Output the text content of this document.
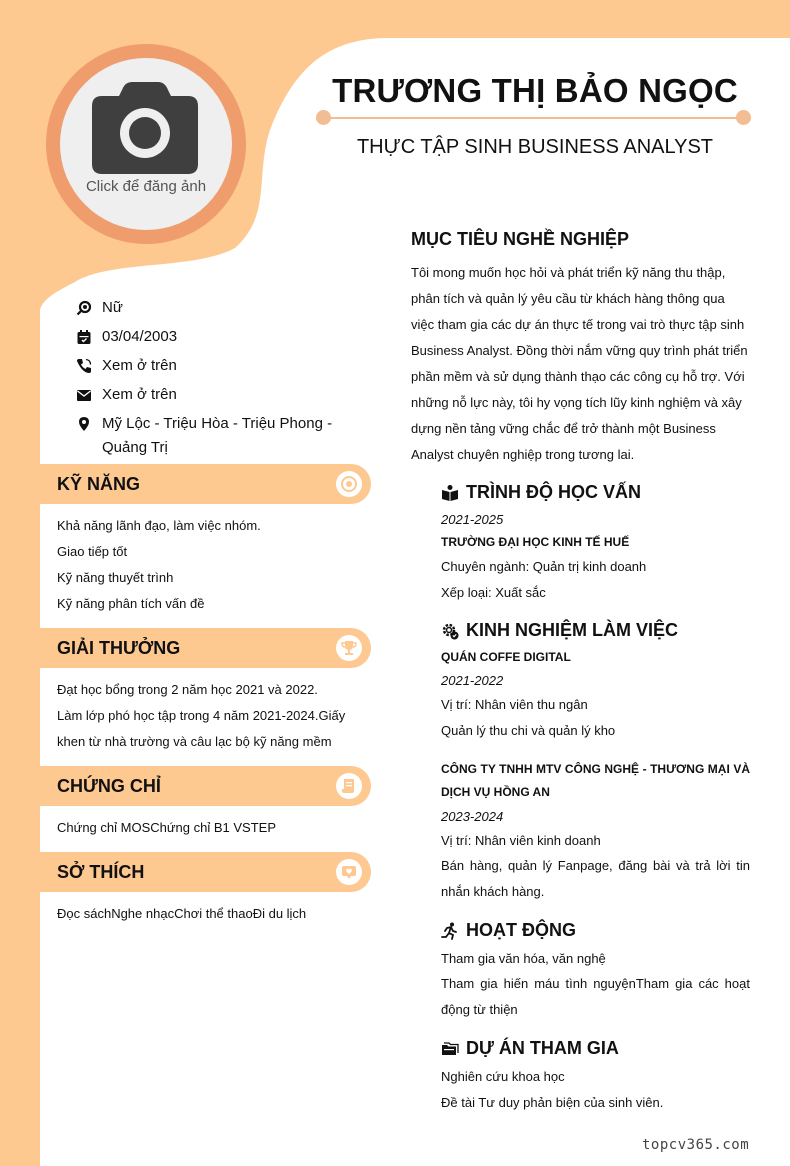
Click để đăng ảnh
TRƯƠNG THỊ BẢO NGỌC
THỰC TẬP SINH BUSINESS ANALYST
Nữ
03/04/2003
Xem ở trên
Xem ở trên
Mỹ Lộc - Triệu Hòa - Triệu Phong - Quảng Trị
KỸ NĂNG
Khả năng lãnh đạo, làm việc nhóm.
Giao tiếp tốt
Kỹ năng thuyết trình
Kỹ năng phân tích vấn đề
GIẢI THƯỞNG
Đạt học bổng trong 2 năm học 2021 và 2022.
Làm lớp phó học tập trong 4 năm 2021-2024.Giấy khen từ nhà trường và câu lạc bộ kỹ năng mềm
CHỨNG CHỈ
Chứng chỉ MOSChứng chỉ B1 VSTEP
SỞ THÍCH
Đọc sáchNghe nhạcChơi thể thaoĐi du lịch
MỤC TIÊU NGHỀ NGHIỆP
Tôi mong muốn học hỏi và phát triển kỹ năng thu thập, phân tích và quản lý yêu cầu từ khách hàng thông qua việc tham gia các dự án thực tế trong vai trò thực tập sinh Business Analyst. Đồng thời nắm vững quy trình phát triển phần mềm và sử dụng thành thạo các công cụ hỗ trợ. Với những nỗ lực này, tôi hy vọng tích lũy kinh nghiệm và xây dựng nền tảng vững chắc để trở thành một Business Analyst chuyên nghiệp trong tương lai.
TRÌNH ĐỘ HỌC VẤN
2021-2025
TRƯỜNG ĐẠI HỌC KINH TẾ HUẾ
Chuyên ngành: Quản trị kinh doanh
Xếp loại: Xuất sắc
KINH NGHIỆM LÀM VIỆC
QUÁN COFFE DIGITAL
2021-2022
Vị trí: Nhân viên thu ngân
Quản lý thu chi và quản lý kho
CÔNG TY TNHH MTV CÔNG NGHỆ - THƯƠNG MẠI VÀ DỊCH VỤ HỒNG AN
2023-2024
Vị trí: Nhân viên kinh doanh
Bán hàng, quản lý Fanpage, đăng bài và trả lời tin nhắn khách hàng.
HOẠT ĐỘNG
Tham gia văn hóa, văn nghệ
Tham gia hiến máu tình nguyệnTham gia các hoạt động từ thiện
DỰ ÁN THAM GIA
Nghiên cứu khoa học
Đề tài Tư duy phản biện của sinh viên.
topcv365.com
